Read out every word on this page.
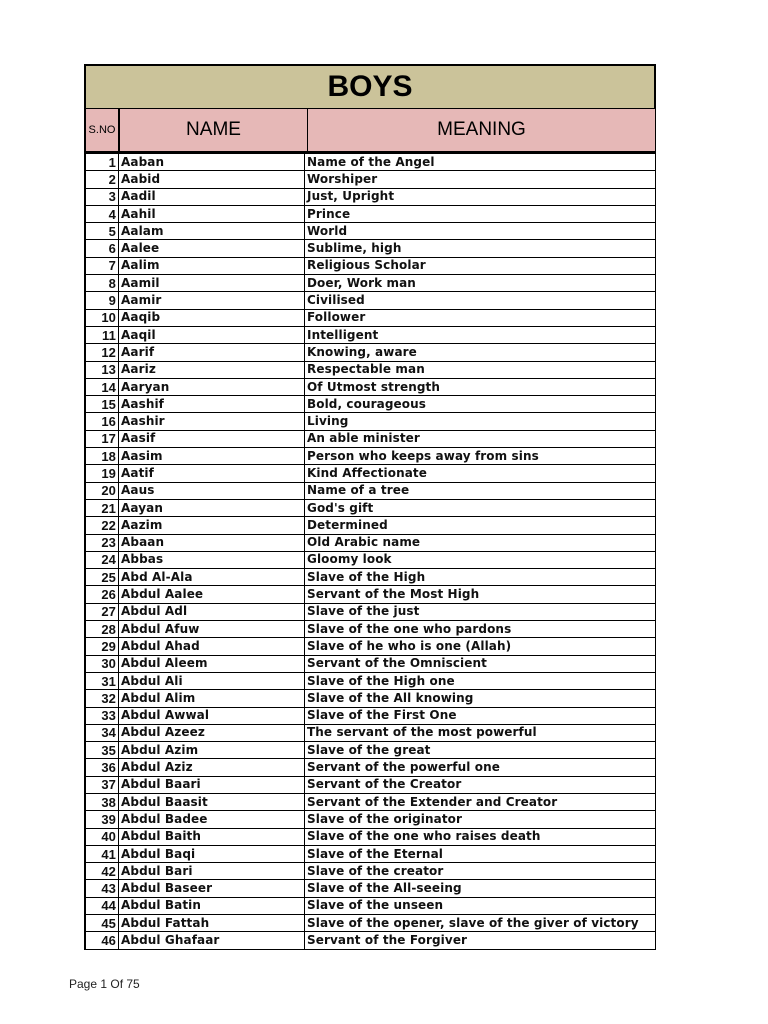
BOYS
S.NO	NAME	MEANING
1	Aaban	Name of the Angel
2	Aabid	Worshiper
3	Aadil	Just, Upright
4	Aahil	Prince
5	Aalam	World
6	Aalee	Sublime, high
7	Aalim	Religious Scholar
8	Aamil	Doer, Work man
9	Aamir	Civilised
10	Aaqib	Follower
11	Aaqil	Intelligent
12	Aarif	Knowing, aware
13	Aariz	Respectable man
14	Aaryan	Of Utmost strength
15	Aashif	Bold, courageous
16	Aashir	Living
17	Aasif	An able minister
18	Aasim	Person who keeps away from sins
19	Aatif	Kind Affectionate
20	Aaus	Name of a tree
21	Aayan	God's gift
22	Aazim	Determined
23	Abaan	Old Arabic name
24	Abbas	Gloomy look
25	Abd Al-Ala	Slave of the High
26	Abdul Aalee	Servant of the Most High
27	Abdul Adl	Slave of the just
28	Abdul Afuw	Slave of the one who pardons
29	Abdul Ahad	Slave of he who is one (Allah)
30	Abdul Aleem	Servant of the Omniscient
31	Abdul Ali	Slave of the High one
32	Abdul Alim	Slave of the All knowing
33	Abdul Awwal	Slave of the First One
34	Abdul Azeez	The servant of the most powerful
35	Abdul Azim	Slave of the great
36	Abdul Aziz	Servant of the powerful one
37	Abdul Baari	Servant of the Creator
38	Abdul Baasit	Servant of the Extender and Creator
39	Abdul Badee	Slave of the originator
40	Abdul Baith	Slave of the one who raises death
41	Abdul Baqi	Slave of the Eternal
42	Abdul Bari	Slave of the creator
43	Abdul Baseer	Slave of the All-seeing
44	Abdul Batin	Slave of the unseen
45	Abdul Fattah	Slave of the opener, slave of the giver of victory
46	Abdul Ghafaar	Servant of the Forgiver
Page 1 Of 75
